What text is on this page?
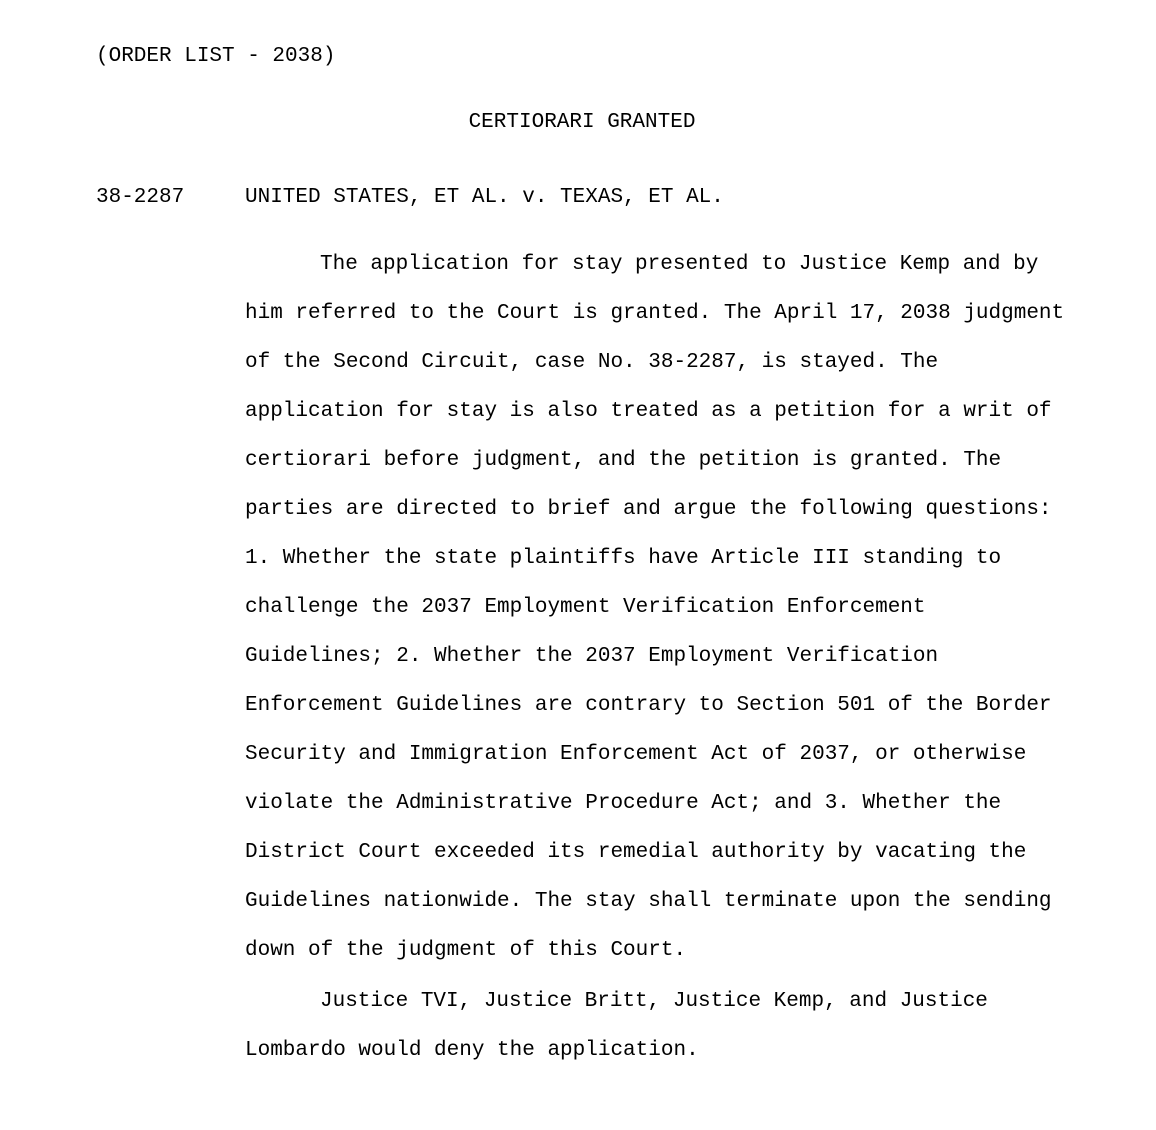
(ORDER LIST - 2038)
CERTIORARI GRANTED
38-2287	UNITED STATES, ET AL. v. TEXAS, ET AL.
The application for stay presented to Justice Kemp and by
him referred to the Court is granted. The April 17, 2038 judgment
of the Second Circuit, case No. 38-2287, is stayed. The
application for stay is also treated as a petition for a writ of
certiorari before judgment, and the petition is granted. The
parties are directed to brief and argue the following questions:
1. Whether the state plaintiffs have Article III standing to
challenge the 2037 Employment Verification Enforcement
Guidelines; 2. Whether the 2037 Employment Verification
Enforcement Guidelines are contrary to Section 501 of the Border
Security and Immigration Enforcement Act of 2037, or otherwise
violate the Administrative Procedure Act; and 3. Whether the
District Court exceeded its remedial authority by vacating the
Guidelines nationwide. The stay shall terminate upon the sending
down of the judgment of this Court.
Justice TVI, Justice Britt, Justice Kemp, and Justice
Lombardo would deny the application.
